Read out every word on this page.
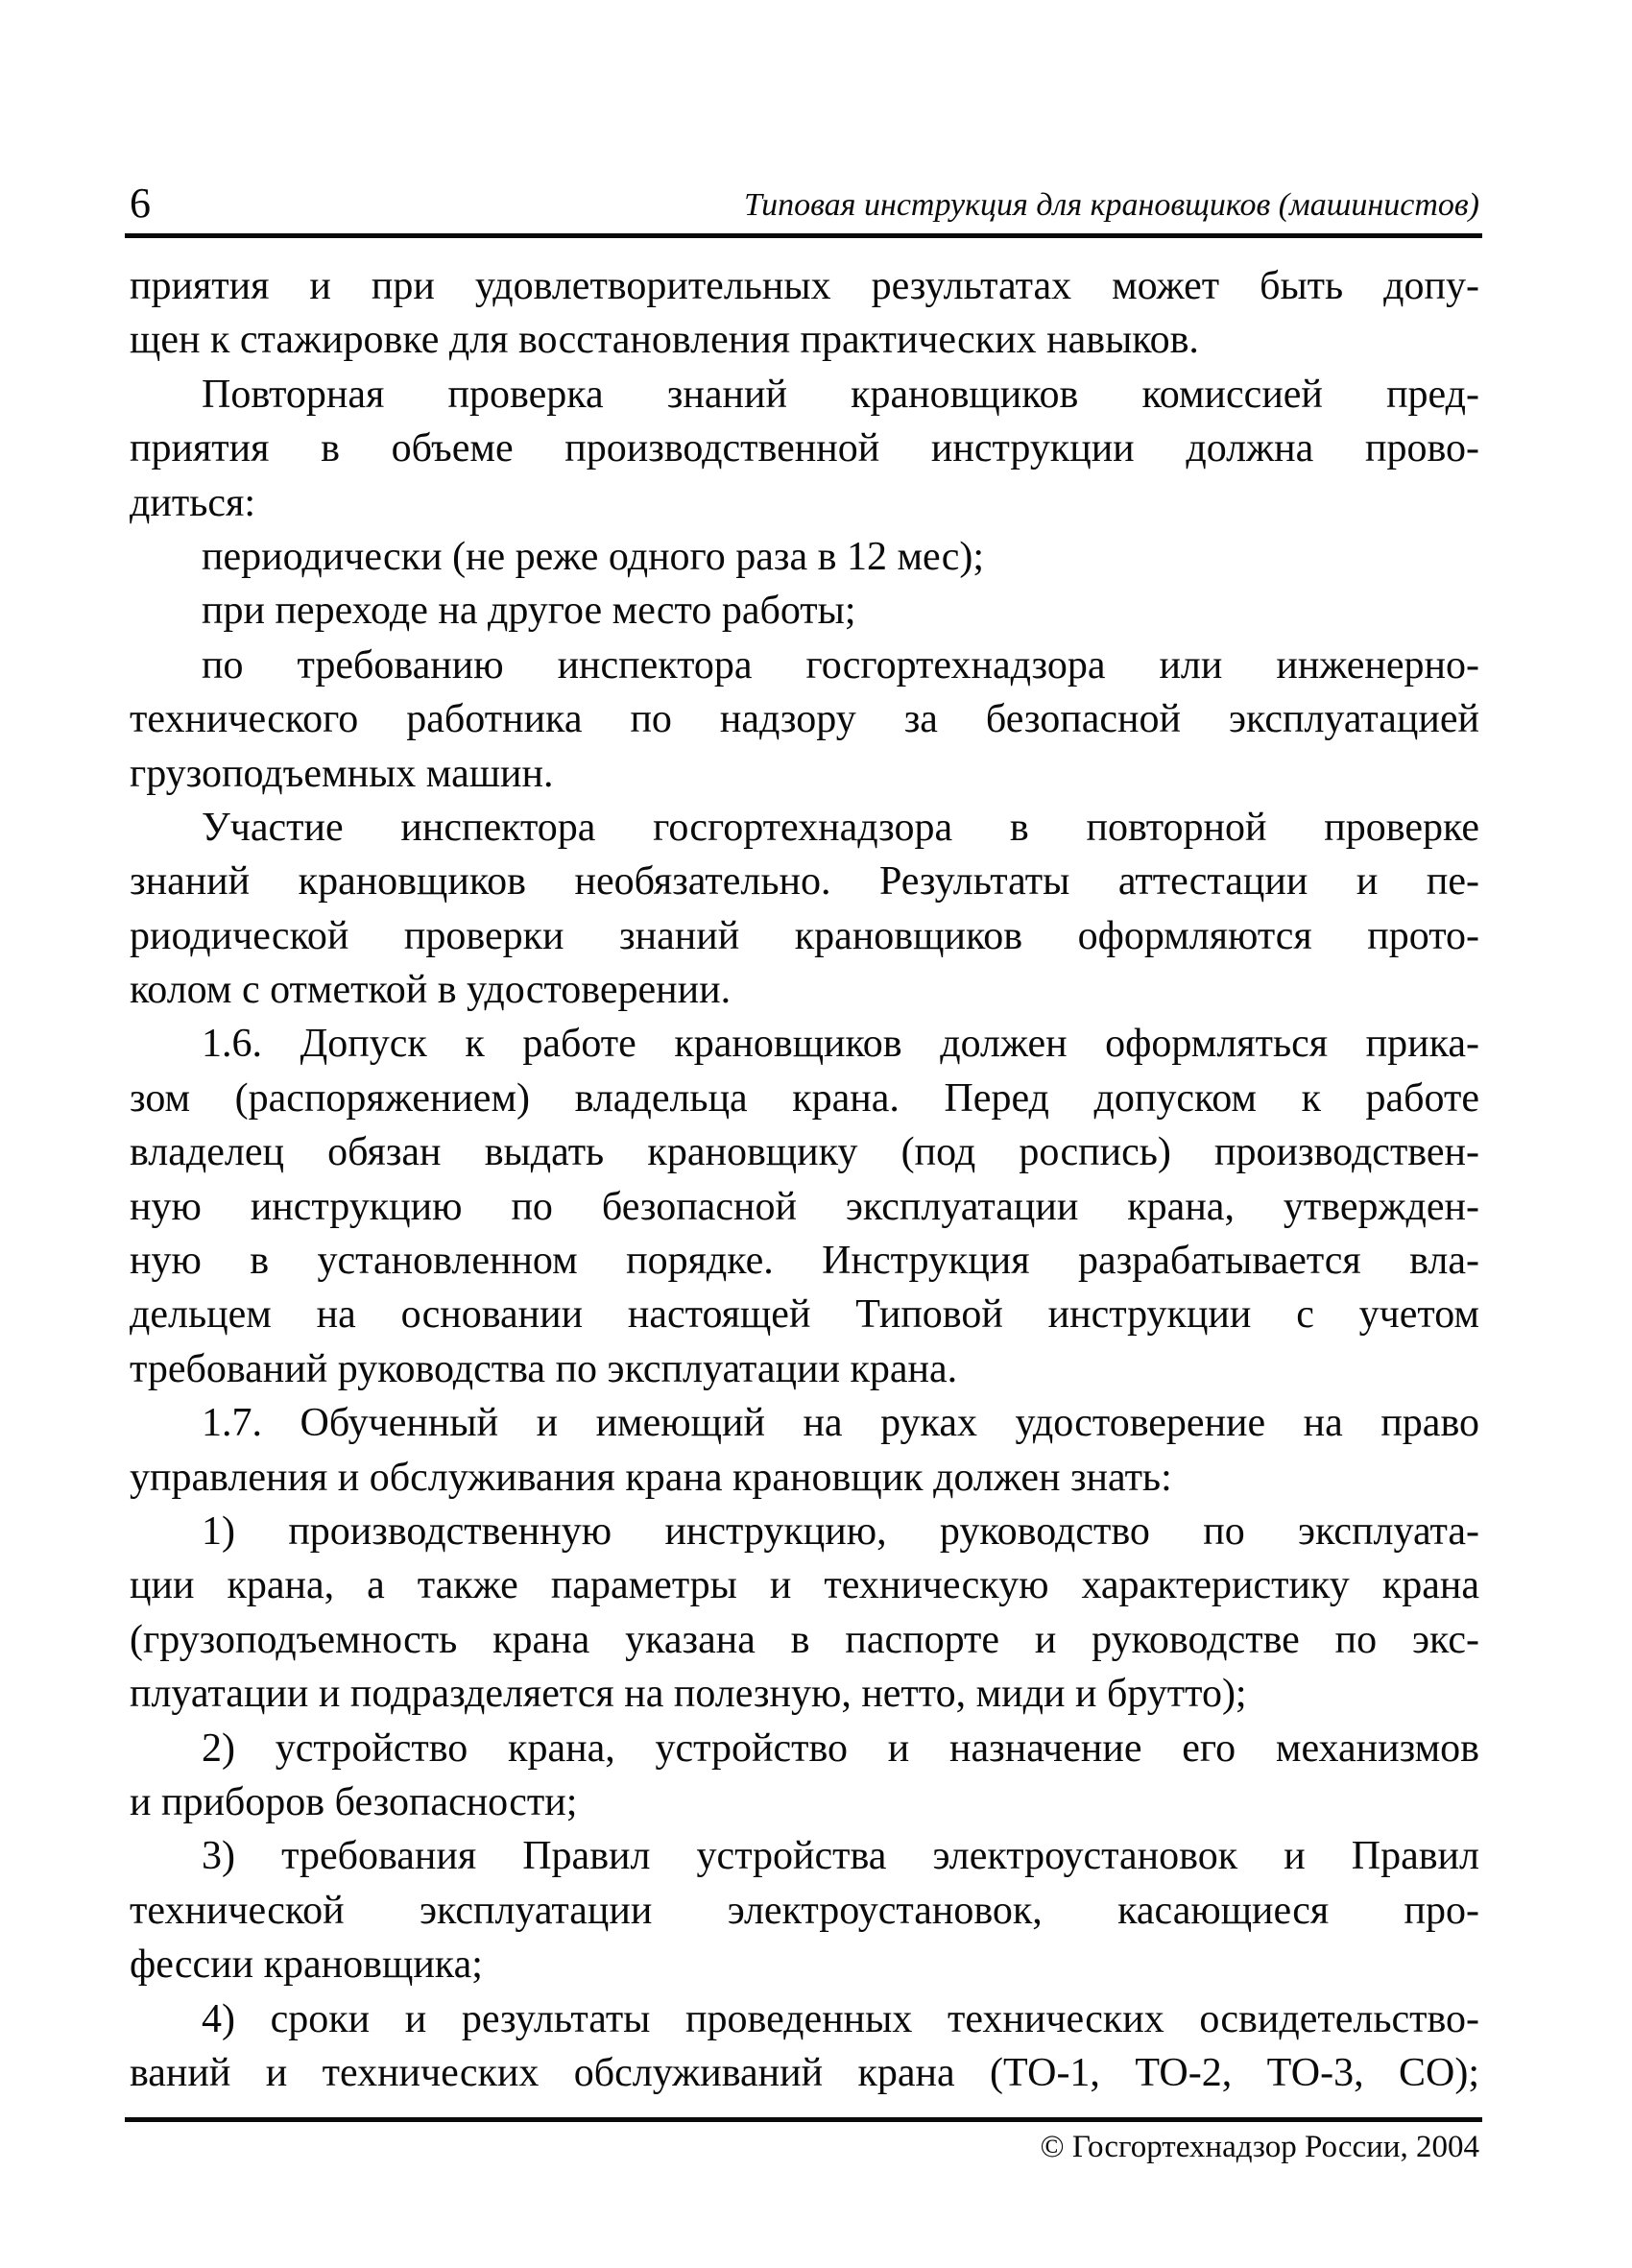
6	Типовая инструкция для крановщиков (машинистов)
приятия и при удовлетворительных результатах может быть допу-
щен к стажировке для восстановления практических навыков.
Повторная проверка знаний крановщиков комиссией пред-
приятия в объеме производственной инструкции должна прово-
диться:
периодически (не реже одного раза в 12 мес);
при переходе на другое место работы;
по требованию инспектора госгортехнадзора или инженерно-
технического работника по надзору за безопасной эксплуатацией
грузоподъемных машин.
Участие инспектора госгортехнадзора в повторной проверке
знаний крановщиков необязательно. Результаты аттестации и пе-
риодической проверки знаний крановщиков оформляются прото-
колом с отметкой в удостоверении.
1.6. Допуск к работе крановщиков должен оформляться прика-
зом (распоряжением) владельца крана. Перед допуском к работе
владелец обязан выдать крановщику (под роспись) производствен-
ную инструкцию по безопасной эксплуатации крана, утвержден-
ную в установленном порядке. Инструкция разрабатывается вла-
дельцем на основании настоящей Типовой инструкции с учетом
требований руководства по эксплуатации крана.
1.7. Обученный и имеющий на руках удостоверение на право
управления и обслуживания крана крановщик должен знать:
1) производственную инструкцию, руководство по эксплуата-
ции крана, а также параметры и техническую характеристику крана
(грузоподъемность крана указана в паспорте и руководстве по экс-
плуатации и подразделяется на полезную, нетто, миди и брутто);
2) устройство крана, устройство и назначение его механизмов
и приборов безопасности;
3) требования Правил устройства электроустановок и Правил
технической эксплуатации электроустановок, касающиеся про-
фессии крановщика;
4) сроки и результаты проведенных технических освидетельство-
ваний и технических обслуживаний крана (ТО-1, ТО-2, ТО-3, СО);
© Госгортехнадзор России, 2004
